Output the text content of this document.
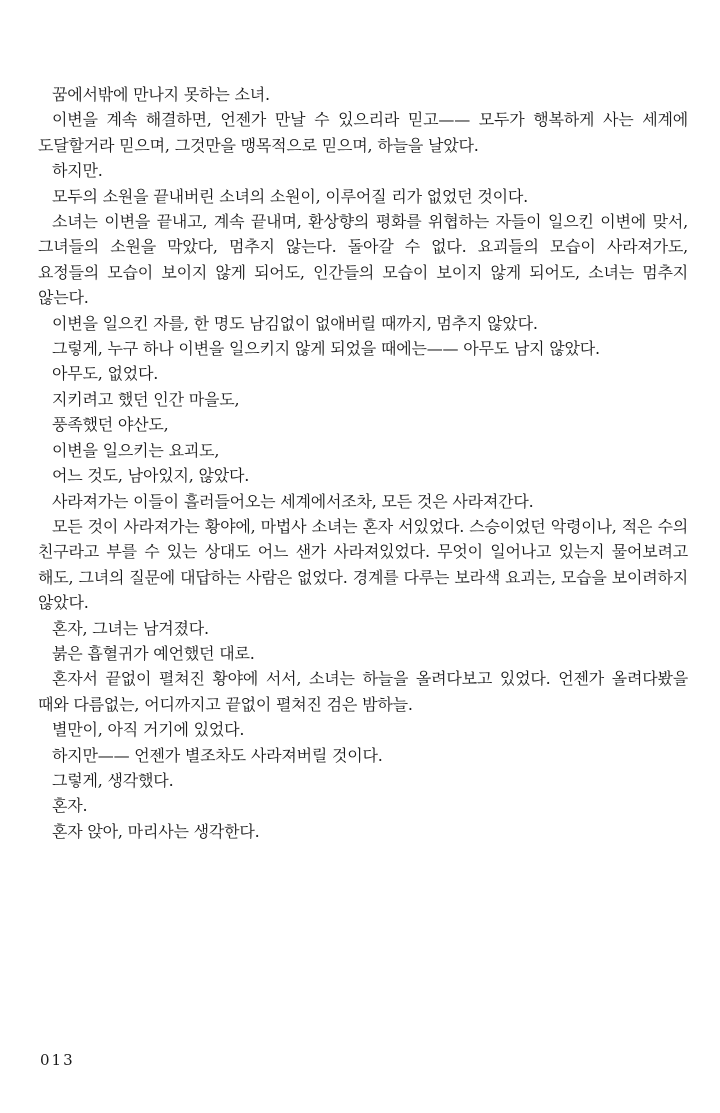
꿈에서밖에 만나지 못하는 소녀.

이변을 계속 해결하면, 언젠가 만날 수 있으리라 믿고—— 모두가 행복하게 사는 세계에 도달할거라 믿으며, 그것만을 맹목적으로 믿으며, 하늘을 날았다.

하지만.

모두의 소원을 끝내버린 소녀의 소원이, 이루어질 리가 없었던 것이다.

소녀는 이변을 끝내고, 계속 끝내며, 환상향의 평화를 위협하는 자들이 일으킨 이변에 맞서, 그녀들의 소원을 막았다, 멈추지 않는다. 돌아갈 수 없다. 요괴들의 모습이 사라져가도, 요정들의 모습이 보이지 않게 되어도, 인간들의 모습이 보이지 않게 되어도, 소녀는 멈추지 않는다.

이변을 일으킨 자를, 한 명도 남김없이 없애버릴 때까지, 멈추지 않았다.

그렇게, 누구 하나 이변을 일으키지 않게 되었을 때에는—— 아무도 남지 않았다.

아무도, 없었다.

지키려고 했던 인간 마을도,

풍족했던 야산도,

이변을 일으키는 요괴도,

어느 것도, 남아있지, 않았다.

사라져가는 이들이 흘러들어오는 세계에서조차, 모든 것은 사라져간다.

모든 것이 사라져가는 황야에, 마법사 소녀는 혼자 서있었다. 스승이었던 악령이나, 적은 수의 친구라고 부를 수 있는 상대도 어느 샌가 사라져있었다. 무엇이 일어나고 있는지 물어보려고 해도, 그녀의 질문에 대답하는 사람은 없었다. 경계를 다루는 보라색 요괴는, 모습을 보이려하지 않았다.

혼자, 그녀는 남겨졌다.

붉은 흡혈귀가 예언했던 대로.

혼자서 끝없이 펼쳐진 황야에 서서, 소녀는 하늘을 올려다보고 있었다. 언젠가 올려다봤을 때와 다름없는, 어디까지고 끝없이 펼쳐진 검은 밤하늘.

별만이, 아직 거기에 있었다.

하지만—— 언젠가 별조차도 사라져버릴 것이다.

그렇게, 생각했다.

혼자.

혼자 앉아, 마리사는 생각한다.

013
